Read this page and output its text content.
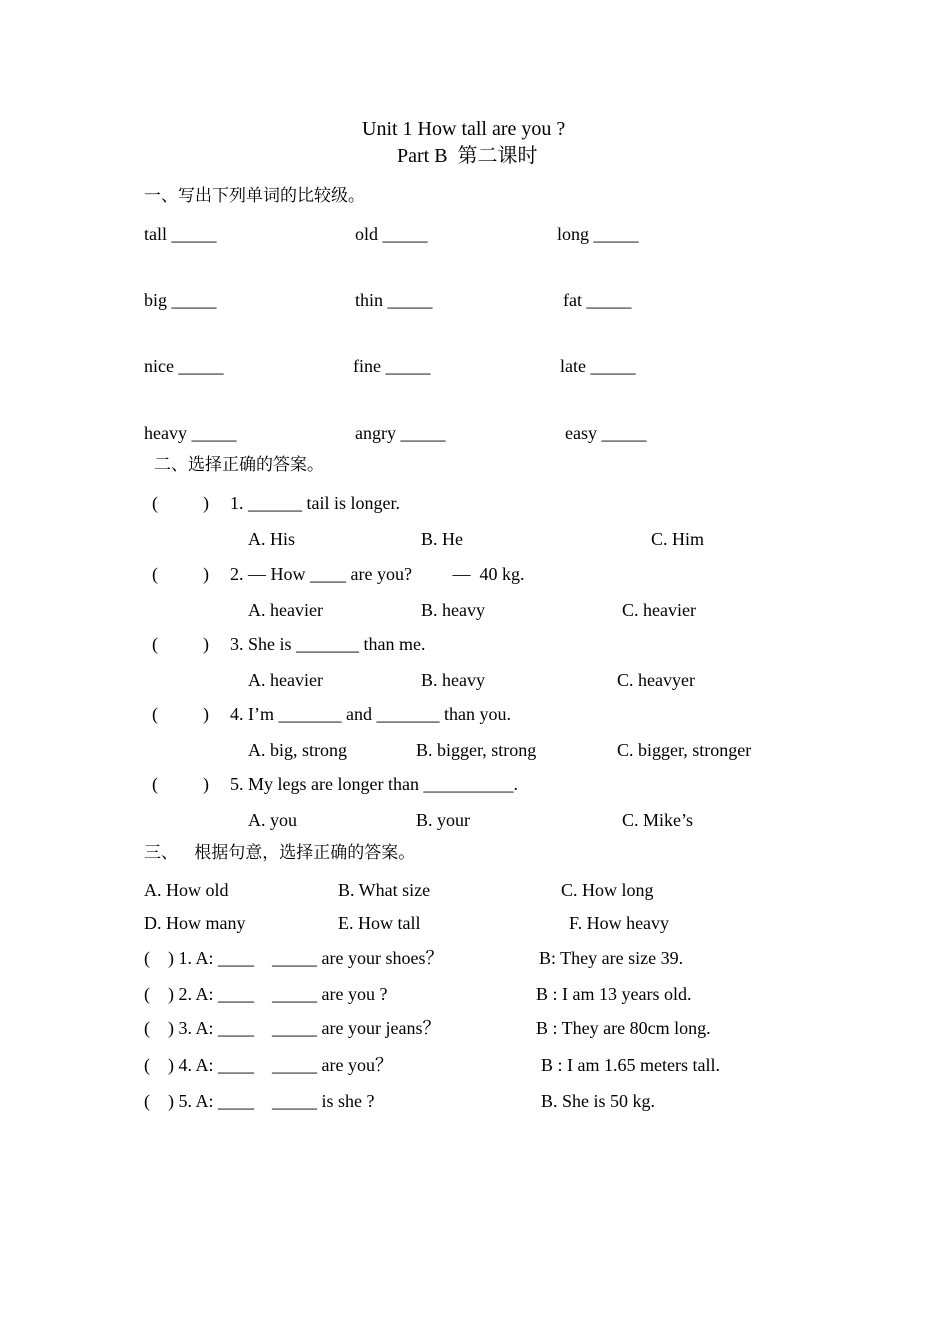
Unit 1 How tall are you ?
Part B  第二课时
一、写出下列单词的比较级。
tall _____	old _____	long _____
big _____	thin _____	fat _____
nice _____	fine _____	late _____
heavy _____	angry _____	easy _____
二、选择正确的答案。
(          ) 1. ______ tail is longer.
A. His	B. He	C. Him
(          ) 2. — How ____ are you?         —  40 kg.
A. heavier	B. heavy	C. heavier
(          ) 3. She is _______ than me.
A. heavier	B. heavy	C. heavyer
(          ) 4. I’m _______ and _______ than you.
A. big, strong	B. bigger, strong	C. bigger, stronger
(          ) 5. My legs are longer than __________.
A. you	B. your	C. Mike’s
三、   根据句意，选择正确的答案。
A. How old	B. What size	C. How long
D. How many	E. How tall	F. How heavy
(    ) 1. A: ____    _____ are your shoes？	B: They are size 39.
(    ) 2. A: ____    _____ are you ?	B : I am 13 years old.
(    ) 3. A: ____    _____ are your jeans？	B : They are 80cm long.
(    ) 4. A: ____    _____ are you？	B : I am 1.65 meters tall.
(    ) 5. A: ____    _____ is she ?	B. She is 50 kg.
